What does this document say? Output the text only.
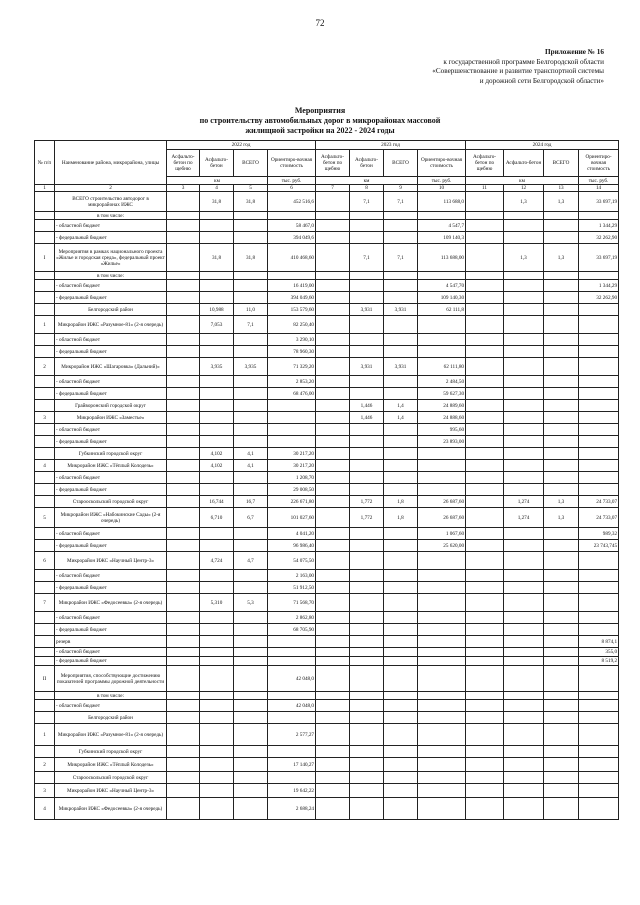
72
Приложение № 16
к государственной программе Белгородской области
«Совершенствование и развитие транспортной системы
и дорожной сети Белгородской области»
Мероприятия
по строительству автомобильных дорог в микрорайонах массовой
жилищной застройки на 2022 - 2024 годы
№ п/п	Наименование района, микрорайона, улицы	2022 год				2023 год				2024 год			
		Асфальто-бетон по щебню	Асфальто-бетон	ВСЕГО	Ориентиро-вочная стоимость	Асфальто-бетон по щебню	Асфальто-бетон	ВСЕГО	Ориентиро-вочная стоимость	Асфальто-бетон по щебню	Асфальто-бетон	ВСЕГО	Ориентиро-вочная стоимость
		км			тыс. руб.	км			тыс. руб.	км			тыс. руб.
1	2	3	4	5	6	7	8	9	10	11	12	13	14
	ВСЕГО строительство автодорог в микрорайонах ИЖС		31,8	31,8	452 516,6		7,1	7,1	113 688,0		1,3	1,3	33 697,19
	в том числе:												
	- областной бюджет				58 467,0				4 547,7				1 344,29
	- федеральный бюджет				394 049,6				109 140,3				32 262,90
I	Мероприятия в рамках национального проекта «Жилье и городская среда», федеральный проект «Жилье»		31,8	31,8	410 468,60		7,1	7,1	113 688,00		1,3	1,3	33 697,19
	в том числе:												
	- областной бюджет				16 419,00				4 547,70				1 344,29
	- федеральный бюджет				394 049,60				109 140,30				32 262,90
	Белгородский район		10,988	11,0	153 579,60		3,931	3,931	62 111,8				
1	Микрорайон ИЖС «Разумное-81» (2-я очередь)		7,053	7,1	82 250,40								
	- областной бюджет				3 290,10								
	- федеральный бюджет				78 960,30								
2	Микрорайон ИЖС «Шагаровка» (Дальний)»		3,935	3,935	71 329,20		3,931	3,931	62 111,80				
	- областной бюджет				2 853,20				2 484,50				
	- федеральный бюджет				68 476,00				59 627,30				
	Грайворонский городской округ						1,446	1,4	24 889,60				
3	Микрорайон ИЖС «Заместье»						1,446	1,4	24 888,60				
	- областной бюджет								995,60				
	- федеральный бюджет								23 893,00				
	Губкинский городской округ		4,102	4,1	30 217,20								
4	Микрорайон ИЖС «Тёплый Колодезь»		4,102	4,1	30 217,20								
	- областной бюджет				1 208,70								
	- федеральный бюджет				29 008,50								
	Старооскольский городской округ		16,744	16,7	226 671,80		1,772	1,8	26 687,60		1,274	1,3	24 733,07
5	Микрорайон ИЖС «Набокинские Сады» (2-я очередь)		6,710	6,7	101 027,60		1,772	1,8	26 687,60		1,274	1,3	24 733,07
	- областной бюджет				4 041,20				1 067,60				989,32
	- федеральный бюджет				96 986,40				25 620,00				23 743,745
6	Микрорайон ИЖС «Научный Центр-3»		4,724	4,7	54 075,50								
	- областной бюджет				2 163,00								
	- федеральный бюджет				51 912,50								
7	Микрорайон ИЖС «Федосеевка» (2-я очередь)		5,310	5,3	71 568,70								
	- областной бюджет				2 862,80								
	- федеральный бюджет				68 705,90								
	резерв												8 874,1
	- областной бюджет												355,0
	- федеральный бюджет												8 519,2
II	Мероприятия, способствующие достижению показателей программы дорожной деятельности				42 048,0								
	в том числе:												
	- областной бюджет				42 048,0								
	Белгородский район												
1	Микрорайон ИЖС «Разумное-81» (2-я очередь)				2 577,27								
	Губкинский городской округ												
2	Микрорайон ИЖС «Тёплый Колодезь»				17 140,27								
	Старооскольский городской округ												
3	Микрорайон ИЖС «Научный Центр-3»				19 642,22								
4	Микрорайон ИЖС «Федосеевка» (2-я очередь)				2 688,24								
